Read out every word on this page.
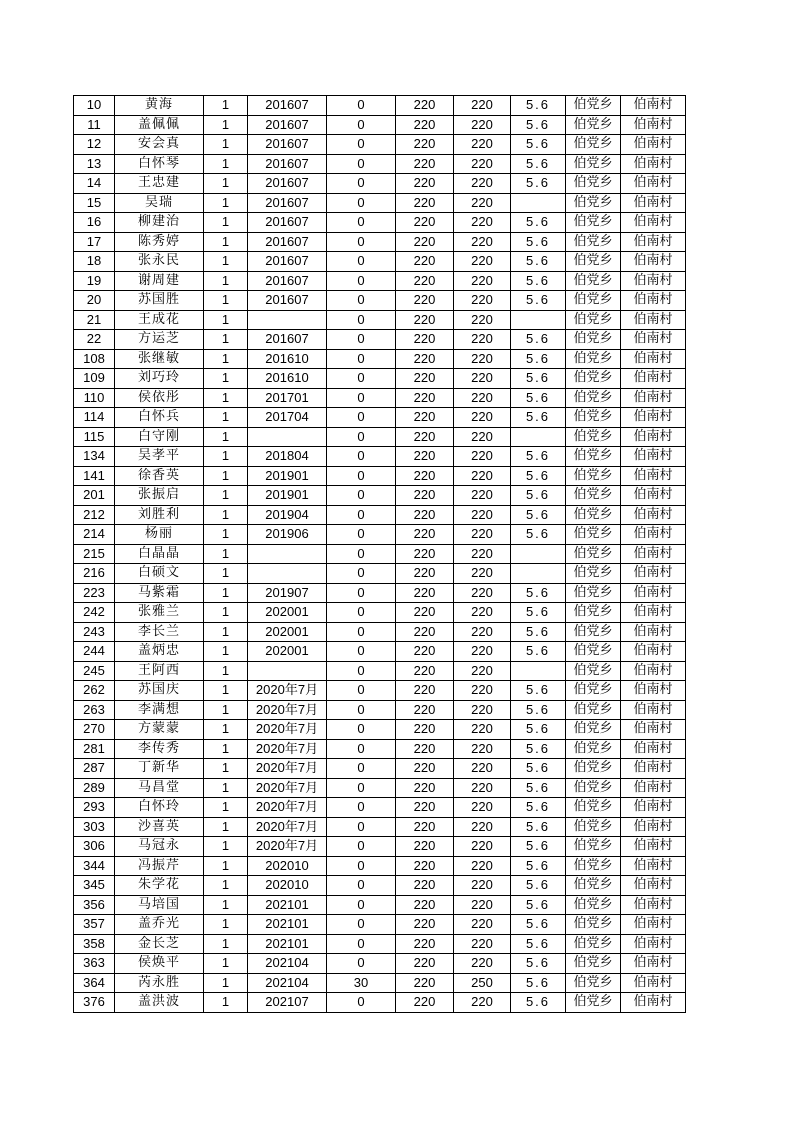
10	黄海	1	201607	0	220	220	5.6	伯党乡	伯南村
11	盖佩佩	1	201607	0	220	220	5.6	伯党乡	伯南村
12	安会真	1	201607	0	220	220	5.6	伯党乡	伯南村
13	白怀琴	1	201607	0	220	220	5.6	伯党乡	伯南村
14	王忠建	1	201607	0	220	220	5.6	伯党乡	伯南村
15	吴瑞	1	201607	0	220	220		伯党乡	伯南村
16	柳建治	1	201607	0	220	220	5.6	伯党乡	伯南村
17	陈秀婷	1	201607	0	220	220	5.6	伯党乡	伯南村
18	张永民	1	201607	0	220	220	5.6	伯党乡	伯南村
19	谢周建	1	201607	0	220	220	5.6	伯党乡	伯南村
20	苏国胜	1	201607	0	220	220	5.6	伯党乡	伯南村
21	王成花	1		0	220	220		伯党乡	伯南村
22	方运芝	1	201607	0	220	220	5.6	伯党乡	伯南村
108	张继敏	1	201610	0	220	220	5.6	伯党乡	伯南村
109	刘巧玲	1	201610	0	220	220	5.6	伯党乡	伯南村
110	侯依彤	1	201701	0	220	220	5.6	伯党乡	伯南村
114	白怀兵	1	201704	0	220	220	5.6	伯党乡	伯南村
115	白守刚	1		0	220	220		伯党乡	伯南村
134	吴孝平	1	201804	0	220	220	5.6	伯党乡	伯南村
141	徐香英	1	201901	0	220	220	5.6	伯党乡	伯南村
201	张振启	1	201901	0	220	220	5.6	伯党乡	伯南村
212	刘胜利	1	201904	0	220	220	5.6	伯党乡	伯南村
214	杨丽	1	201906	0	220	220	5.6	伯党乡	伯南村
215	白晶晶	1		0	220	220		伯党乡	伯南村
216	白硕文	1		0	220	220		伯党乡	伯南村
223	马紫霜	1	201907	0	220	220	5.6	伯党乡	伯南村
242	张雅兰	1	202001	0	220	220	5.6	伯党乡	伯南村
243	李长兰	1	202001	0	220	220	5.6	伯党乡	伯南村
244	盖炳忠	1	202001	0	220	220	5.6	伯党乡	伯南村
245	王阿西	1		0	220	220		伯党乡	伯南村
262	苏国庆	1	2020年7月	0	220	220	5.6	伯党乡	伯南村
263	李满想	1	2020年7月	0	220	220	5.6	伯党乡	伯南村
270	方蒙蒙	1	2020年7月	0	220	220	5.6	伯党乡	伯南村
281	李传秀	1	2020年7月	0	220	220	5.6	伯党乡	伯南村
287	丁新华	1	2020年7月	0	220	220	5.6	伯党乡	伯南村
289	马昌堂	1	2020年7月	0	220	220	5.6	伯党乡	伯南村
293	白怀玲	1	2020年7月	0	220	220	5.6	伯党乡	伯南村
303	沙喜英	1	2020年7月	0	220	220	5.6	伯党乡	伯南村
306	马冠永	1	2020年7月	0	220	220	5.6	伯党乡	伯南村
344	冯振芹	1	202010	0	220	220	5.6	伯党乡	伯南村
345	朱学花	1	202010	0	220	220	5.6	伯党乡	伯南村
356	马培国	1	202101	0	220	220	5.6	伯党乡	伯南村
357	盖乔光	1	202101	0	220	220	5.6	伯党乡	伯南村
358	金长芝	1	202101	0	220	220	5.6	伯党乡	伯南村
363	侯焕平	1	202104	0	220	220	5.6	伯党乡	伯南村
364	芮永胜	1	202104	30	220	250	5.6	伯党乡	伯南村
376	盖洪波	1	202107	0	220	220	5.6	伯党乡	伯南村
